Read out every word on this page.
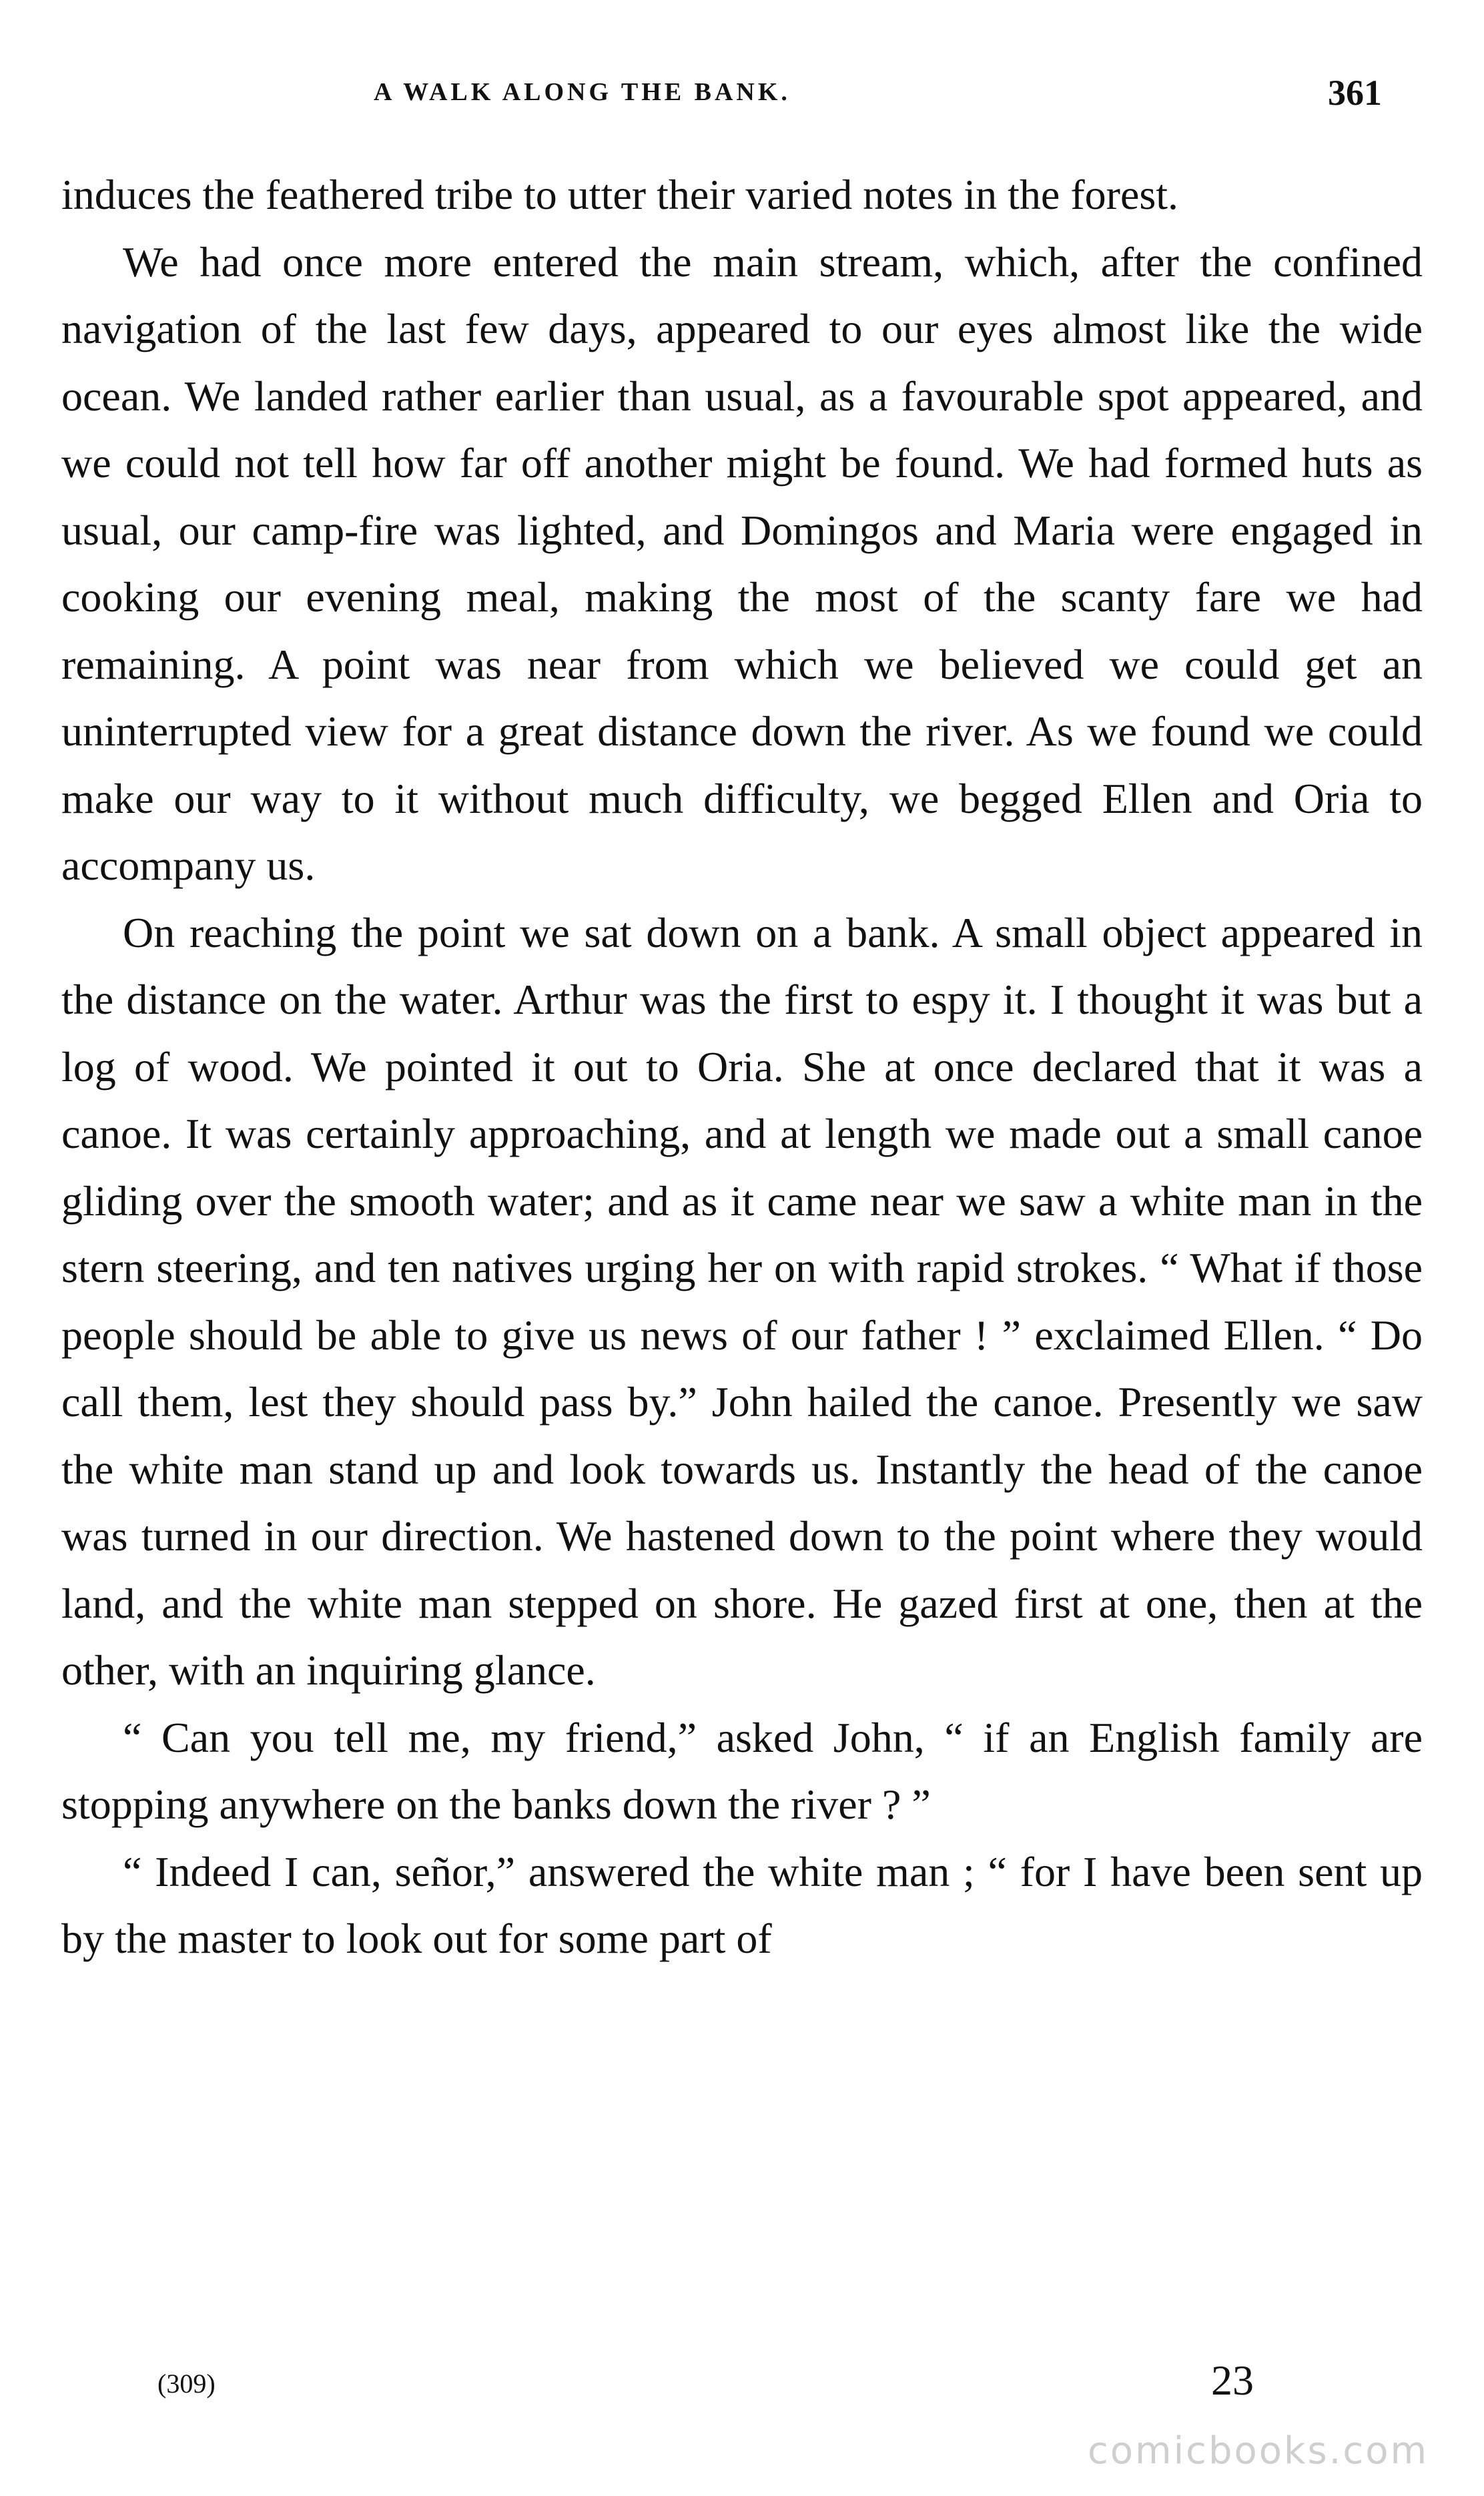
A WALK ALONG THE BANK.	361

induces the feathered tribe to utter their varied notes in the forest.

We had once more entered the main stream, which, after the confined navigation of the last few days, appeared to our eyes almost like the wide ocean. We landed rather earlier than usual, as a favourable spot appeared, and we could not tell how far off another might be found. We had formed huts as usual, our camp-fire was lighted, and Domingos and Maria were engaged in cooking our evening meal, making the most of the scanty fare we had remaining. A point was near from which we believed we could get an uninterrupted view for a great distance down the river. As we found we could make our way to it without much difficulty, we begged Ellen and Oria to accompany us.

On reaching the point we sat down on a bank. A small object appeared in the distance on the water. Arthur was the first to espy it. I thought it was but a log of wood. We pointed it out to Oria. She at once declared that it was a canoe. It was certainly approaching, and at length we made out a small canoe gliding over the smooth water; and as it came near we saw a white man in the stern steering, and ten natives urging her on with rapid strokes. “ What if those people should be able to give us news of our father ! ” exclaimed Ellen. “ Do call them, lest they should pass by.” John hailed the canoe. Presently we saw the white man stand up and look towards us. Instantly the head of the canoe was turned in our direction. We hastened down to the point where they would land, and the white man stepped on shore. He gazed first at one, then at the other, with an inquiring glance.

“ Can you tell me, my friend,” asked John, “ if an English family are stopping anywhere on the banks down the river ? ”

“ Indeed I can, señor,” answered the white man ; “ for I have been sent up by the master to look out for some part of

(309)	23
comicbooks.com
